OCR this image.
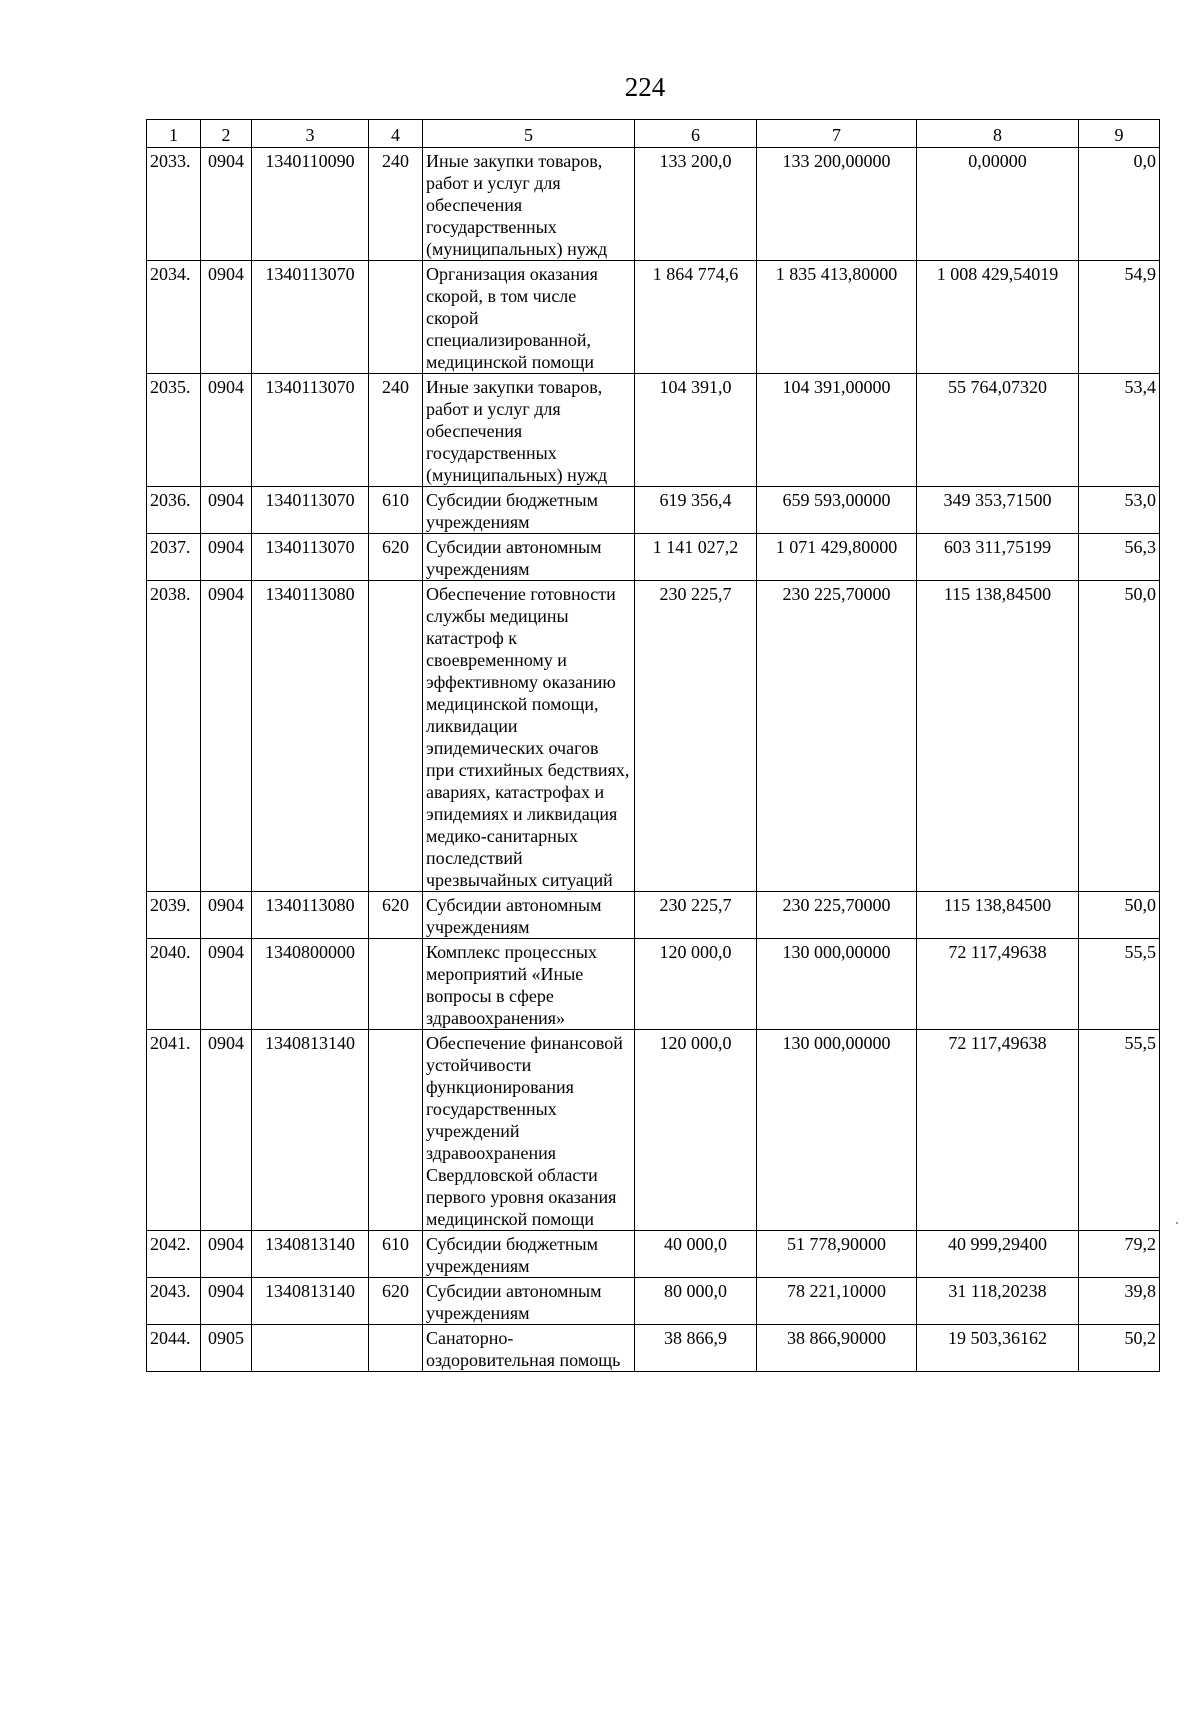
224
1	2	3	4	5	6	7	8	9
2033.	0904	1340110090	240	Иные закупки товаров, работ и услуг для обеспечения государственных (муниципальных) нужд	133 200,0	133 200,00000	0,00000	0,0
2034.	0904	1340113070		Организация оказания скорой, в том числе скорой специализированной, медицинской помощи	1 864 774,6	1 835 413,80000	1 008 429,54019	54,9
2035.	0904	1340113070	240	Иные закупки товаров, работ и услуг для обеспечения государственных (муниципальных) нужд	104 391,0	104 391,00000	55 764,07320	53,4
2036.	0904	1340113070	610	Субсидии бюджетным учреждениям	619 356,4	659 593,00000	349 353,71500	53,0
2037.	0904	1340113070	620	Субсидии автономным учреждениям	1 141 027,2	1 071 429,80000	603 311,75199	56,3
2038.	0904	1340113080		Обеспечение готовности службы медицины катастроф к своевременному и эффективному оказанию медицинской помощи, ликвидации эпидемических очагов при стихийных бедствиях, авариях, катастрофах и эпидемиях и ликвидация медико-санитарных последствий чрезвычайных ситуаций	230 225,7	230 225,70000	115 138,84500	50,0
2039.	0904	1340113080	620	Субсидии автономным учреждениям	230 225,7	230 225,70000	115 138,84500	50,0
2040.	0904	1340800000		Комплекс процессных мероприятий «Иные вопросы в сфере здравоохранения»	120 000,0	130 000,00000	72 117,49638	55,5
2041.	0904	1340813140		Обеспечение финансовой устойчивости функционирования государственных учреждений здравоохранения Свердловской области первого уровня оказания медицинской помощи	120 000,0	130 000,00000	72 117,49638	55,5
2042.	0904	1340813140	610	Субсидии бюджетным учреждениям	40 000,0	51 778,90000	40 999,29400	79,2
2043.	0904	1340813140	620	Субсидии автономным учреждениям	80 000,0	78 221,10000	31 118,20238	39,8
2044.	0905			Санаторно-оздоровительная помощь	38 866,9	38 866,90000	19 503,36162	50,2
